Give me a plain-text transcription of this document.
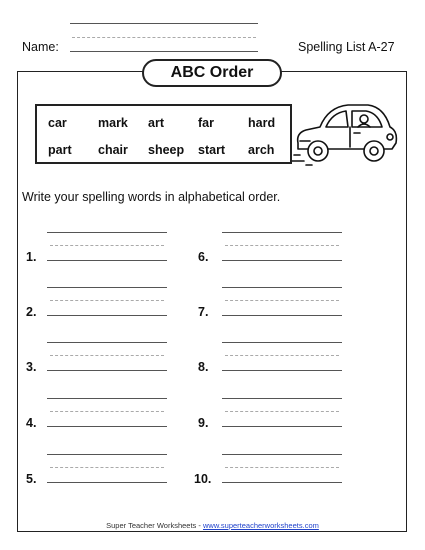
Name:	Spelling List A-27
ABC Order
car mark art	far	hard
part chair sheep start arch
Write your spelling words in alphabetical order.
1.
2.
3.
4.
5.
6.
7.
8.
9.
10.
Super Teacher Worksheets - www.superteacherworksheets.com
